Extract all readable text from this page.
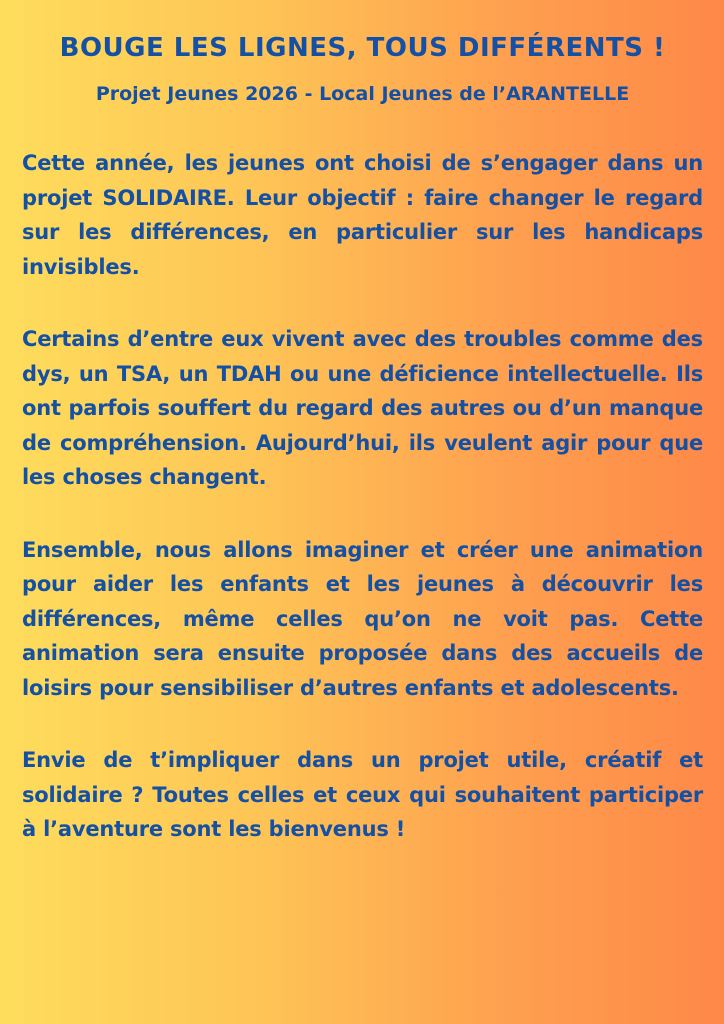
BOUGE LES LIGNES, TOUS DIFFÉRENTS !
Projet Jeunes 2026 - Local Jeunes de l’ARANTELLE

Cette année, les jeunes ont choisi de s’engager dans un projet SOLIDAIRE. Leur objectif : faire changer le regard sur les différences, en particulier sur les handicaps invisibles.

Certains d’entre eux vivent avec des troubles comme des dys, un TSA, un TDAH ou une déficience intellectuelle. Ils ont parfois souffert du regard des autres ou d’un manque de compréhension. Aujourd’hui, ils veulent agir pour que les choses changent.

Ensemble, nous allons imaginer et créer une animation pour aider les enfants et les jeunes à découvrir les différences, même celles qu’on ne voit pas. Cette animation sera ensuite proposée dans des accueils de loisirs pour sensibiliser d’autres enfants et adolescents.

Envie de t’impliquer dans un projet utile, créatif et solidaire ? Toutes celles et ceux qui souhaitent participer à l’aventure sont les bienvenus !
